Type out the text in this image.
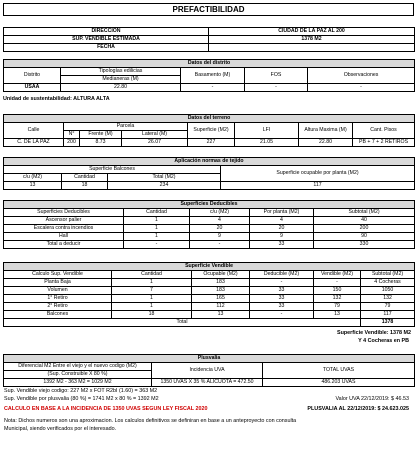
PREFACTIBILIDAD
DIRECCION	CIUDAD DE LA PAZ AL 200
SUP. VENDIBLE ESTIMADA	1378 M2
FECHA	
Datos del distrito				
Distrito	Tipologías edilicias	Basamento (M)	FOS	Observaciones
	Medianeras (M)			
USAA	22.80	-	-	-
Unidad de sustentabilidad: ALTURA ALTA
Datos del terreno							
Calle	Parcela			Superficie (M2)	LFI	Altura Maxima (M)	Cant. Pisos
	N°	Frente (M)	Lateral (M)				
C. DE LA PAZ	200	8.73	26.07	227	21.05	22.80	PB + 7 + 2 RETIROS
Aplicación normas de tejido			
Superficie Balcones			Superficie ocupable por planta (M2)
c/u (M2)	Cantidad	Total (M2)	
13	18	234	117
Superficies Deducibles				
Superficies Deducibles	Cantidad	c/u (M2)	Por planta (M2)	Subtotal (M2)
Ascensor palier	1	4	4	40
Escalera contra incendios	1	20	20	200
Hall	1	9	9	90
Total a deducir	-	-	33	330
Superficie Vendible					
Calculo Sup. Vendible	Cantidad	Ocupable (M2)	Deducible (M2)	Vendible (M2)	Subtotal (M2)
Planta Baja	1	183	-	-	4 Cocheras
Volumen	7	183	33	150	1050
1° Retiro	1	165	33	132	132
2° Retiro	1	112	33	79	79
Balcones	18	13	-	13	117
Total					1378
Superficie Vendible: 1378 M2
Y 4 Cocheras en PB
Plusvalia		
Diferencial M2 Entre el viejo y el nuevo codigo (M2)	Incidencia UVA	TOTAL UVAS
(Sup. Construible X 80 %)		
1392 M2 - 363 M2 = 1029 M2	1350 UVAS X 35 % ALICUOTA = 472.50	486.203 UVAS
Sup. Vendible viejo codigo: 227 M2 x FOT R2bI (1.60) = 363 M2
Sup. Vendible por plusvalia (80 %) = 1741 M2 x 80 % = 1392 M2	Valor UVA 22/12/2019: $ 46.53
CALCULO EN BASE A LA INCIDENCIA DE 1350 UVAS SEGUN LEY FISCAL 2020	PLUSVALIA AL 22/12/2019: $ 24.623.025
Nota: Dichos numeros son una aproximacion. Los calculos definitivos se definiran en base a un anteproyecto con consulta
Municipal, siendo verificados por el interesado.
